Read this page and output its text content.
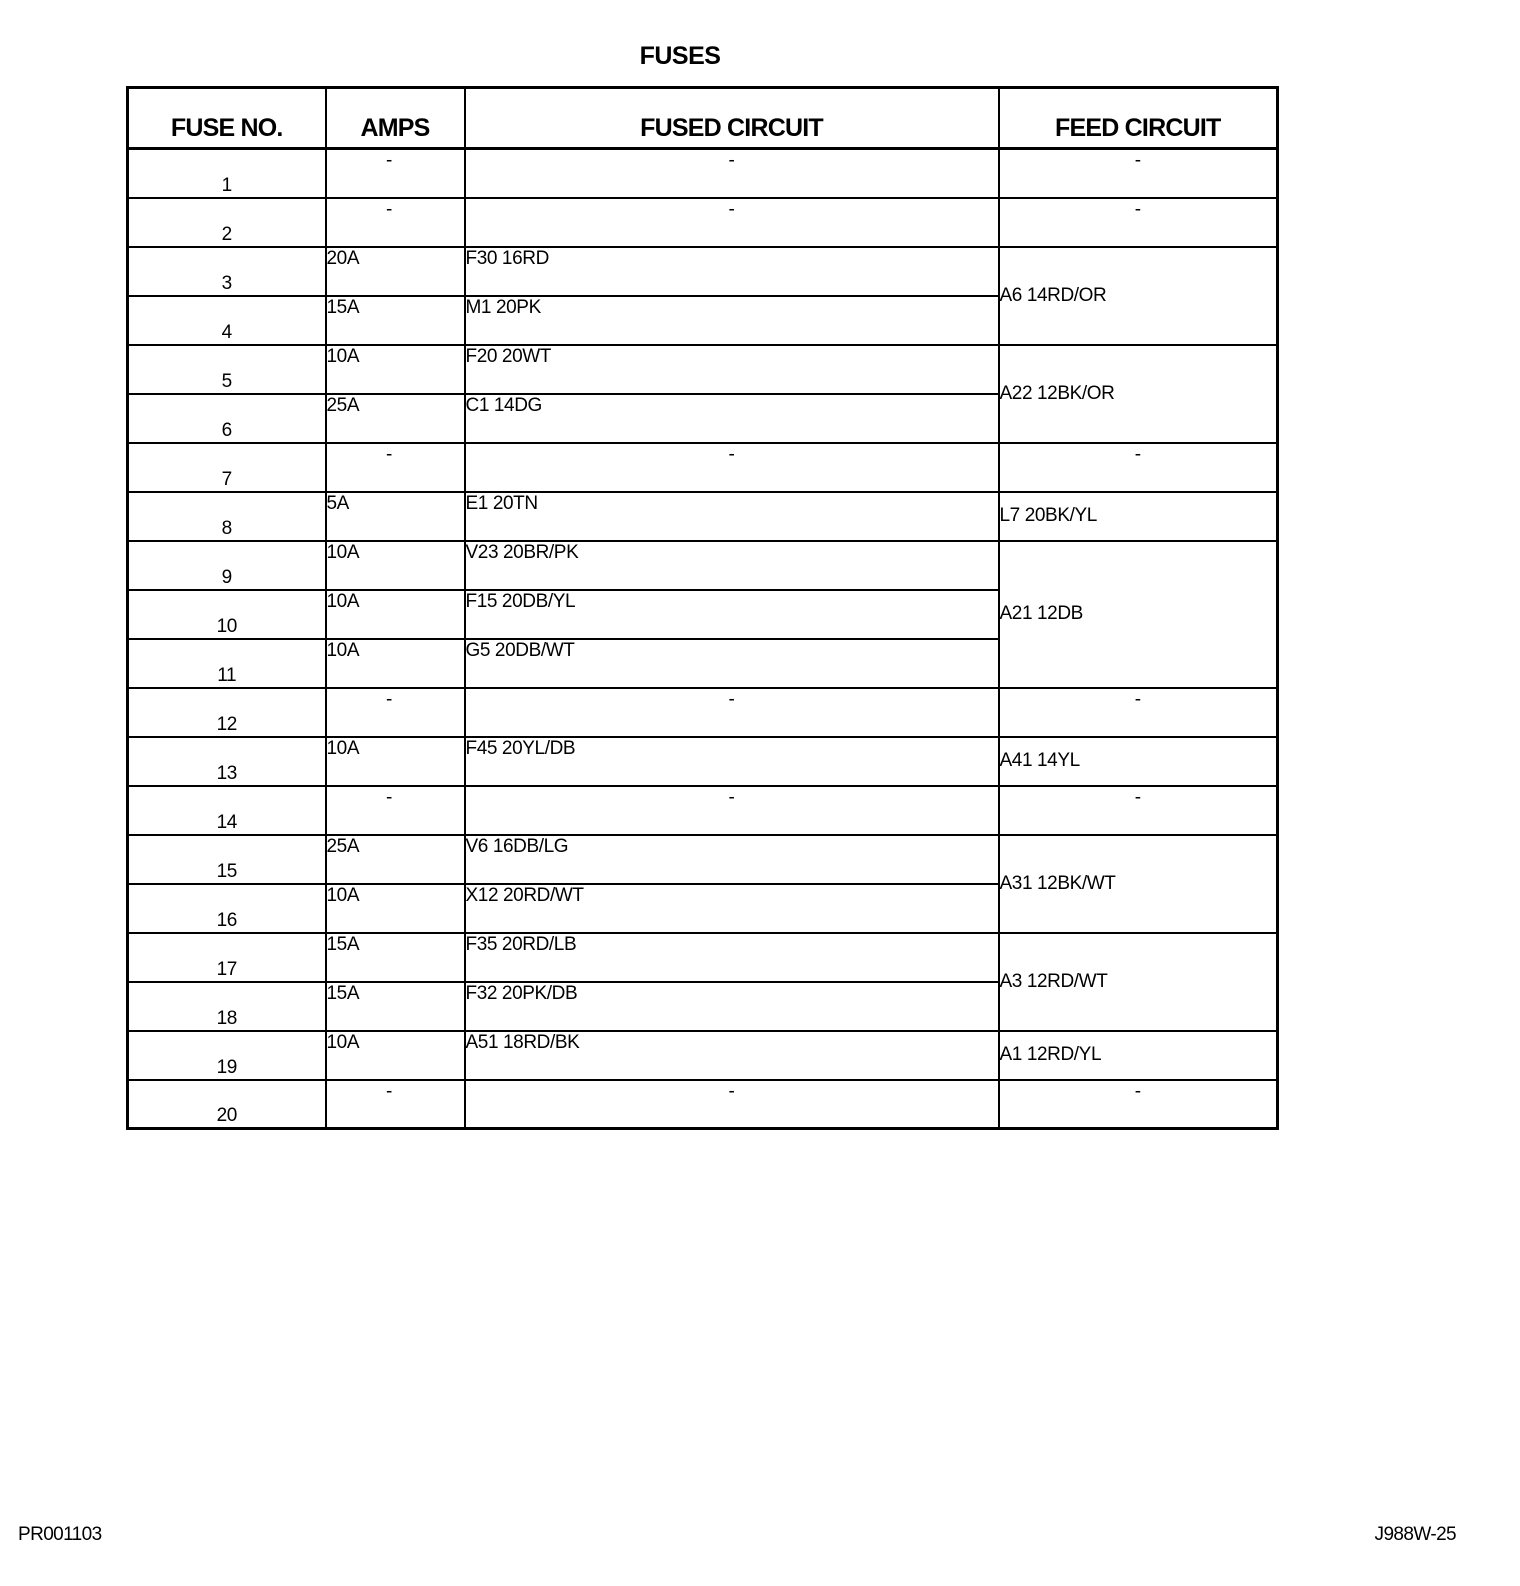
FUSES
FUSE NO.	AMPS	FUSED CIRCUIT	FEED CIRCUIT
1	-	-	-
2	-	-	-
3	20A	F30 16RD	A6 14RD/OR
4	15A	M1 20PK	
5	10A	F20 20WT	A22 12BK/OR
6	25A	C1 14DG	
7	-	-	-
8	5A	E1 20TN	L7 20BK/YL
9	10A	V23 20BR/PK	A21 12DB
10	10A	F15 20DB/YL	
11	10A	G5 20DB/WT	
12	-	-	-
13	10A	F45 20YL/DB	A41 14YL
14	-	-	-
15	25A	V6 16DB/LG	A31 12BK/WT
16	10A	X12 20RD/WT	
17	15A	F35 20RD/LB	A3 12RD/WT
18	15A	F32 20PK/DB	
19	10A	A51 18RD/BK	A1 12RD/YL
20	-	-	-
PR001103	J988W-25
